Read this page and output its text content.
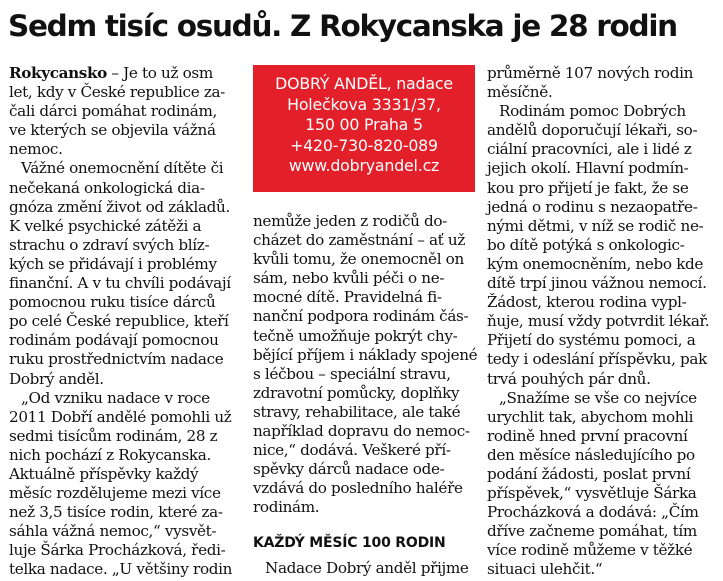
Sedm tisíc osudů. Z Rokycanska je 28 rodin
Rokycansko – Je to už osm
let, kdy v České republice za-
čali dárci pomáhat rodinám,
ve kterých se objevila vážná
nemoc.
Vážné onemocnění dítěte či
nečekaná onkologická dia-
gnóza změní život od základů.
K velké psychické zátěži a
strachu o zdraví svých blíz-
kých se přidávají i problémy
finanční. A v tu chvíli podávají
pomocnou ruku tisíce dárců
po celé České republice, kteří
rodinám podávají pomocnou
ruku prostřednictvím nadace
Dobrý anděl.
„Od vzniku nadace v roce
2011 Dobří andělé pomohli už
sedmi tisícům rodinám, 28 z
nich pochází z Rokycanska.
Aktuálně příspěvky každý
měsíc rozdělujeme mezi více
než 3,5 tisíce rodin, které za-
sáhla vážná nemoc,“ vysvět-
luje Šárka Procházková, ředi-
telka nadace. „U většiny rodin
DOBRÝ ANDĚL, nadace
Holečkova 3331/37,
150 00 Praha 5
+420-730-820-089
www.dobryandel.cz
nemůže jeden z rodičů do-
cházet do zaměstnání – ať už
kvůli tomu, že onemocněl on
sám, nebo kvůli péči o ne-
mocné dítě. Pravidelná fi-
nanční podpora rodinám čás-
tečně umožňuje pokrýt chy-
bějící příjem i náklady spojené
s léčbou – speciální stravu,
zdravotní pomůcky, doplňky
stravy, rehabilitace, ale také
například dopravu do nemoc-
nice,“ dodává. Veškeré pří-
spěvky dárců nadace ode-
vzdává do posledního haléře
rodinám.
KAŽDÝ MĚSÍC 100 RODIN
Nadace Dobrý anděl přijme
průměrně 107 nových rodin
měsíčně.
Rodinám pomoc Dobrých
andělů doporučují lékaři, so-
ciální pracovníci, ale i lidé z
jejich okolí. Hlavní podmín-
kou pro přijetí je fakt, že se
jedná o rodinu s nezaopatře-
nými dětmi, v níž se rodič ne-
bo dítě potýká s onkologic-
kým onemocněním, nebo kde
dítě trpí jinou vážnou nemocí.
Žádost, kterou rodina vypl-
ňuje, musí vždy potvrdit lékař.
Přijetí do systému pomoci, a
tedy i odeslání příspěvku, pak
trvá pouhých pár dnů.
„Snažíme se vše co nejvíce
urychlit tak, abychom mohli
rodině hned první pracovní
den měsíce následujícího po
podání žádosti, poslat první
příspěvek,“ vysvětluje Šárka
Procházková a dodává: „Čím
dříve začneme pomáhat, tím
více rodině můžeme v těžké
situaci ulehčit.“
